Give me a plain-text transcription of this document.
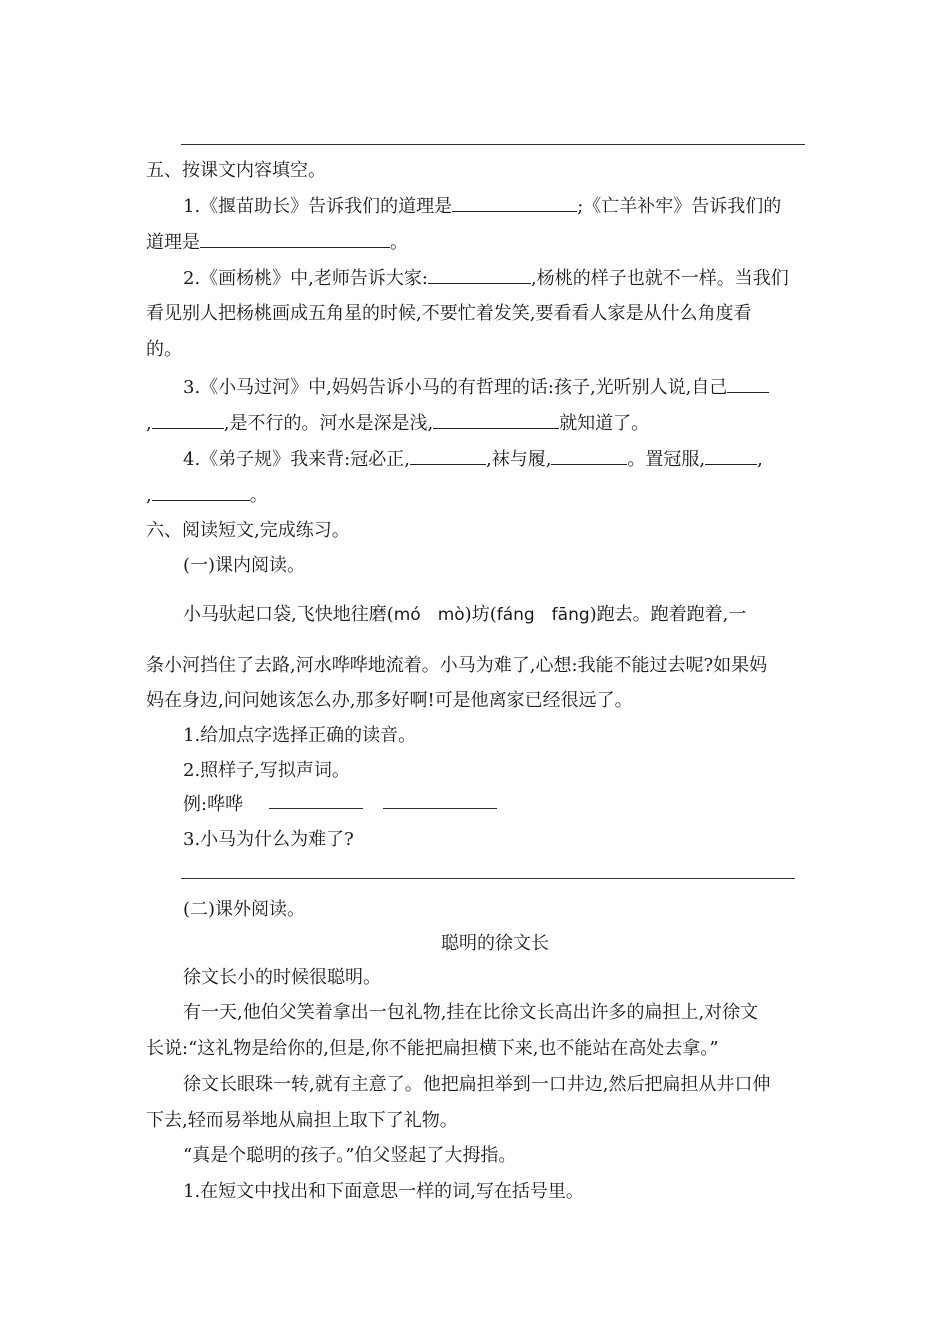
五、按课文内容填空。
1.《揠苗助长》告诉我们的道理是	;《亡羊补牢》告诉我们的
道理是	。
2.《画杨桃》中,老师告诉大家:	,杨桃的样子也就不一样。当我们
看见别人把杨桃画成五角星的时候,不要忙着发笑,要看看人家是从什么角度看
的。
3.《小马过河》中,妈妈告诉小马的有哲理的话:孩子,光听别人说,自己
,	,是不行的。河水是深是浅,	就知道了。
4.《弟子规》我来背:冠必正,	,袜与履,	。置冠服,	,
,	。
六、阅读短文,完成练习。
(一)课内阅读。
小马驮起口袋,飞快地往磨(mó　mò)坊(fáng　fāng)跑去。跑着跑着,一
条小河挡住了去路,河水哗哗地流着。小马为难了,心想:我能不能过去呢?如果妈
妈在身边,问问她该怎么办,那多好啊!可是他离家已经很远了。
1.给加点字选择正确的读音。
2.照样子,写拟声词。
例:哗哗
3.小马为什么为难了?
(二)课外阅读。
聪明的徐文长
徐文长小的时候很聪明。
有一天,他伯父笑着拿出一包礼物,挂在比徐文长高出许多的扁担上,对徐文
长说:“这礼物是给你的,但是,你不能把扁担横下来,也不能站在高处去拿。”
徐文长眼珠一转,就有主意了。他把扁担举到一口井边,然后把扁担从井口伸
下去,轻而易举地从扁担上取下了礼物。
“真是个聪明的孩子。”伯父竖起了大拇指。
1.在短文中找出和下面意思一样的词,写在括号里。
